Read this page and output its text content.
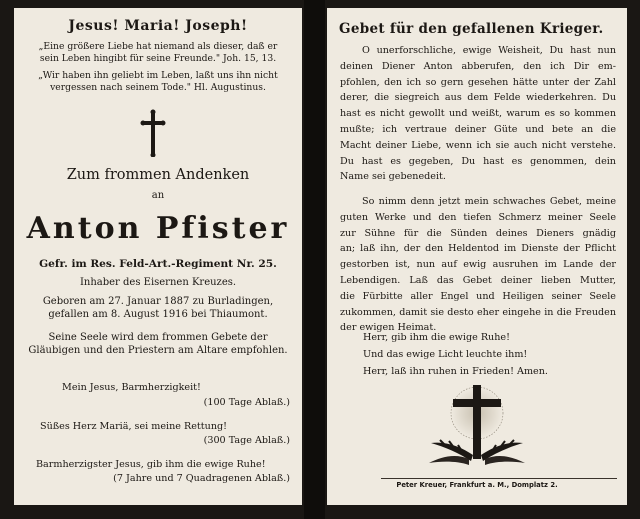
Jesus! Maria! Joseph!
„Eine größere Liebe hat niemand als dieser, daß er
sein Leben hingibt für seine Freunde." Joh. 15, 13.
„Wir haben ihn geliebt im Leben, laßt uns ihn nicht
vergessen nach seinem Tode." Hl. Augustinus.
Zum frommen Andenken
an
Anton Pfister
Gefr. im Res. Feld-Art.-Regiment Nr. 25.
Inhaber des Eisernen Kreuzes.
Geboren am 27. Januar 1887 zu Burladingen,
gefallen am 8. August 1916 bei Thiaumont.
Seine Seele wird dem frommen Gebete der
Gläubigen und den Priestern am Altare empfohlen.
Mein Jesus, Barmherzigkeit!
(100 Tage Ablaß.)
Süßes Herz Mariä, sei meine Rettung!
(300 Tage Ablaß.)
Barmherzigster Jesus, gib ihm die ewige Ruhe!
(7 Jahre und 7 Quadragenen Ablaß.)
Gebet für den gefallenen Krieger.
O unerforschliche, ewige Weisheit, Du hast nun
deinen Diener Anton abberufen, den ich Dir em-
pfohlen, den ich so gern gesehen hätte unter der Zahl
derer, die siegreich aus dem Felde wiederkehren. Du
hast es nicht gewollt und weißt, warum es so kommen
mußte; ich vertraue deiner Güte und bete an die
Macht deiner Liebe, wenn ich sie auch nicht verstehe.
Du hast es gegeben, Du hast es genommen, dein
Name sei gebenedeit.
So nimm denn jetzt mein schwaches Gebet, meine
guten Werke und den tiefen Schmerz meiner Seele
zur Sühne für die Sünden deines Dieners gnädig
an; laß ihn, der den Heldentod im Dienste der Pflicht
gestorben ist, nun auf ewig ausruhen im Lande der
Lebendigen. Laß das Gebet deiner lieben Mutter,
die Fürbitte aller Engel und Heiligen seiner Seele
zukommen, damit sie desto eher eingehe in die Freuden
der ewigen Heimat.
Herr, gib ihm die ewige Ruhe!
Und das ewige Licht leuchte ihm!
Herr, laß ihn ruhen in Frieden! Amen.
Peter Kreuer, Frankfurt a. M., Domplatz 2.
